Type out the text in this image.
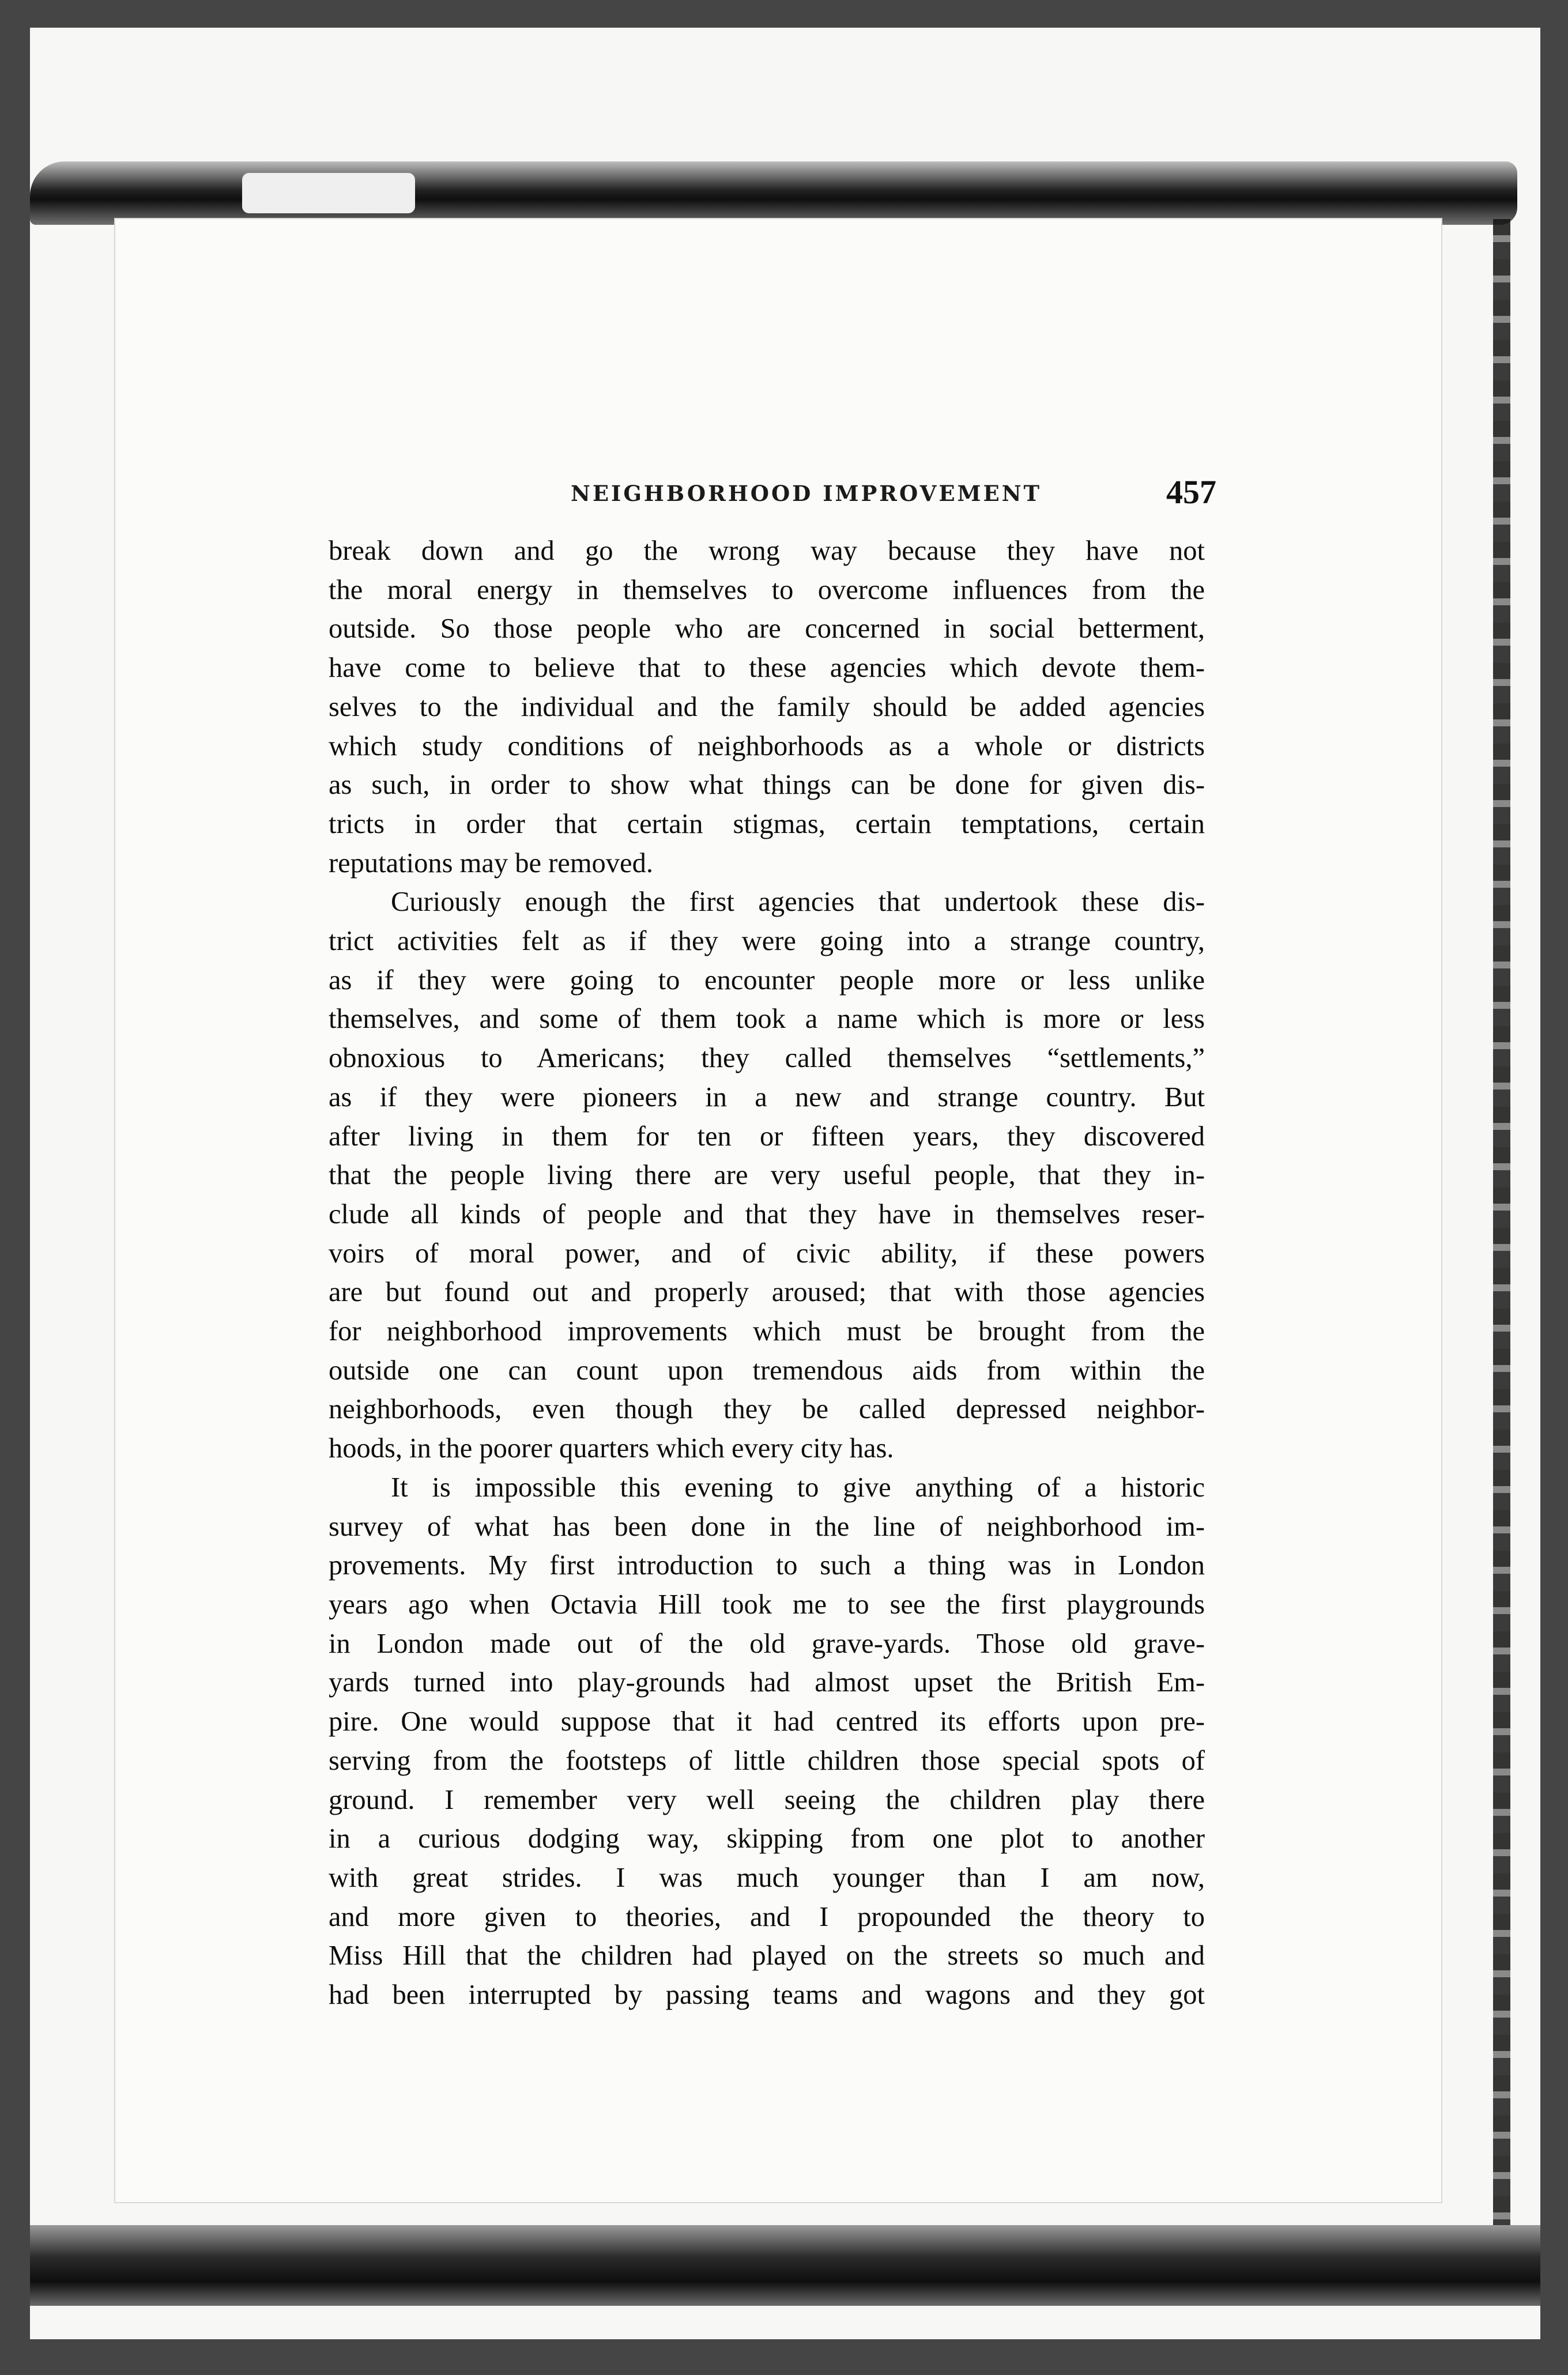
NEIGHBORHOOD IMPROVEMENT	457

break down and go the wrong way because they have not
the moral energy in themselves to overcome influences from the
outside. So those people who are concerned in social betterment,
have come to believe that to these agencies which devote them-
selves to the individual and the family should be added agencies
which study conditions of neighborhoods as a whole or districts
as such, in order to show what things can be done for given dis-
tricts in order that certain stigmas, certain temptations, certain
reputations may be removed.

Curiously enough the first agencies that undertook these dis-
trict activities felt as if they were going into a strange country,
as if they were going to encounter people more or less unlike
themselves, and some of them took a name which is more or less
obnoxious to Americans; they called themselves “settlements,”
as if they were pioneers in a new and strange country. But
after living in them for ten or fifteen years, they discovered
that the people living there are very useful people, that they in-
clude all kinds of people and that they have in themselves reser-
voirs of moral power, and of civic ability, if these powers
are but found out and properly aroused; that with those agencies
for neighborhood improvements which must be brought from the
outside one can count upon tremendous aids from within the
neighborhoods, even though they be called depressed neighbor-
hoods, in the poorer quarters which every city has.

It is impossible this evening to give anything of a historic
survey of what has been done in the line of neighborhood im-
provements. My first introduction to such a thing was in London
years ago when Octavia Hill took me to see the first playgrounds
in London made out of the old grave-yards. Those old grave-
yards turned into play-grounds had almost upset the British Em-
pire. One would suppose that it had centred its efforts upon pre-
serving from the footsteps of little children those special spots of
ground. I remember very well seeing the children play there
in a curious dodging way, skipping from one plot to another
with great strides. I was much younger than I am now,
and more given to theories, and I propounded the theory to
Miss Hill that the children had played on the streets so much and
had been interrupted by passing teams and wagons and they got
